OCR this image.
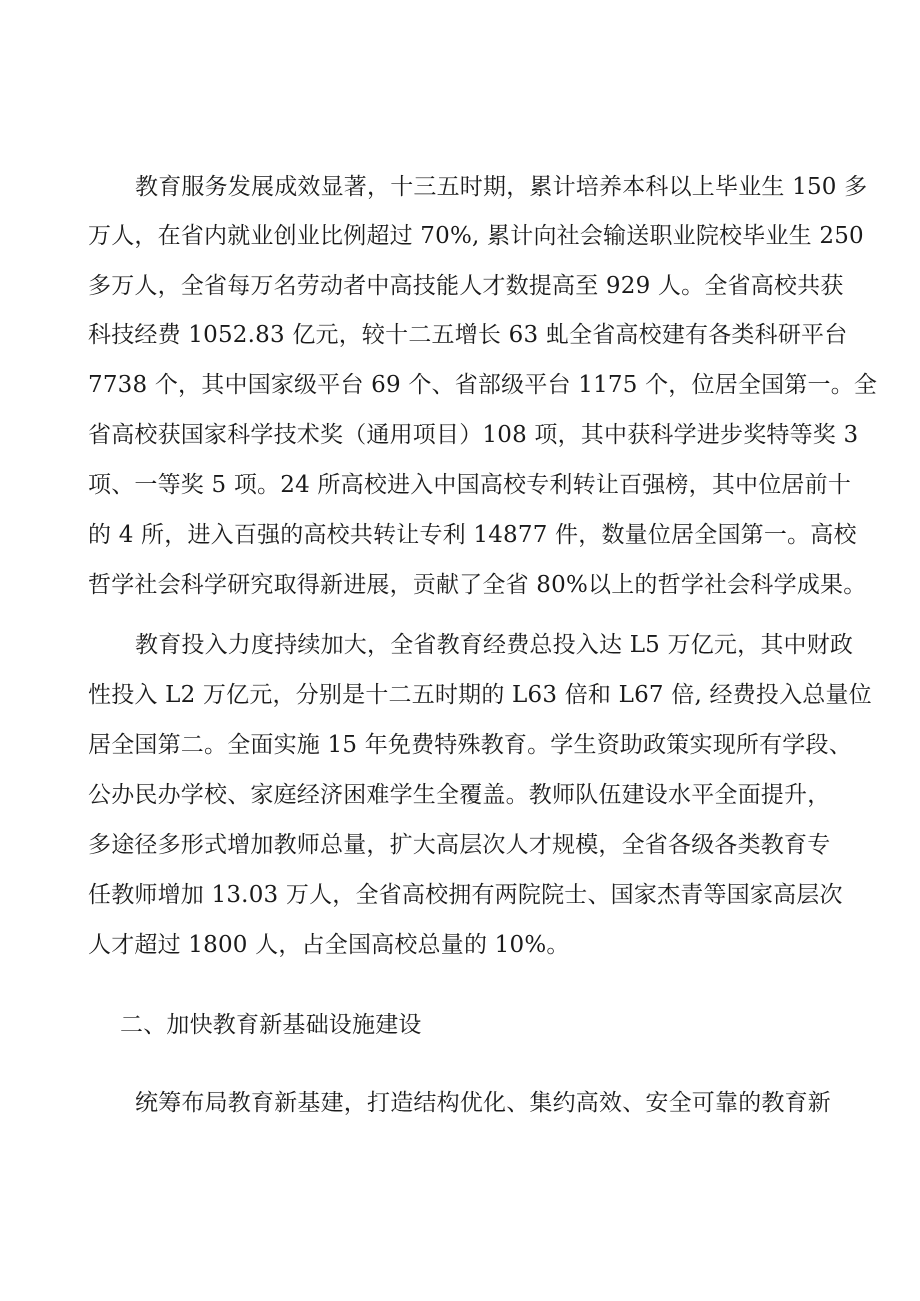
教育服务发展成效显著，十三五时期，累计培养本科以上毕业生 150 多
万人，在省内就业创业比例超过 70%, 累计向社会输送职业院校毕业生 250
多万人，全省每万名劳动者中高技能人才数提高至 929 人。全省高校共获
科技经费 1052.83 亿元，较十二五增长 63 虬全省高校建有各类科研平台
7738 个，其中国家级平台 69 个、省部级平台 1175 个，位居全国第一。全
省高校获国家科学技术奖（通用项目）108 项，其中获科学进步奖特等奖 3
项、一等奖 5 项。24 所高校进入中国高校专利转让百强榜，其中位居前十
的 4 所，进入百强的高校共转让专利 14877 件，数量位居全国第一。高校
哲学社会科学研究取得新进展，贡献了全省 80%以上的哲学社会科学成果。
教育投入力度持续加大，全省教育经费总投入达 L5 万亿元，其中财政
性投入 L2 万亿元，分别是十二五时期的 L63 倍和 L67 倍, 经费投入总量位
居全国第二。全面实施 15 年免费特殊教育。学生资助政策实现所有学段、
公办民办学校、家庭经济困难学生全覆盖。教师队伍建设水平全面提升，
多途径多形式增加教师总量，扩大高层次人才规模，全省各级各类教育专
任教师增加 13.03 万人，全省高校拥有两院院士、国家杰青等国家高层次
人才超过 1800 人，占全国高校总量的 10%。
二、加快教育新基础设施建设
统筹布局教育新基建，打造结构优化、集约高效、安全可靠的教育新
